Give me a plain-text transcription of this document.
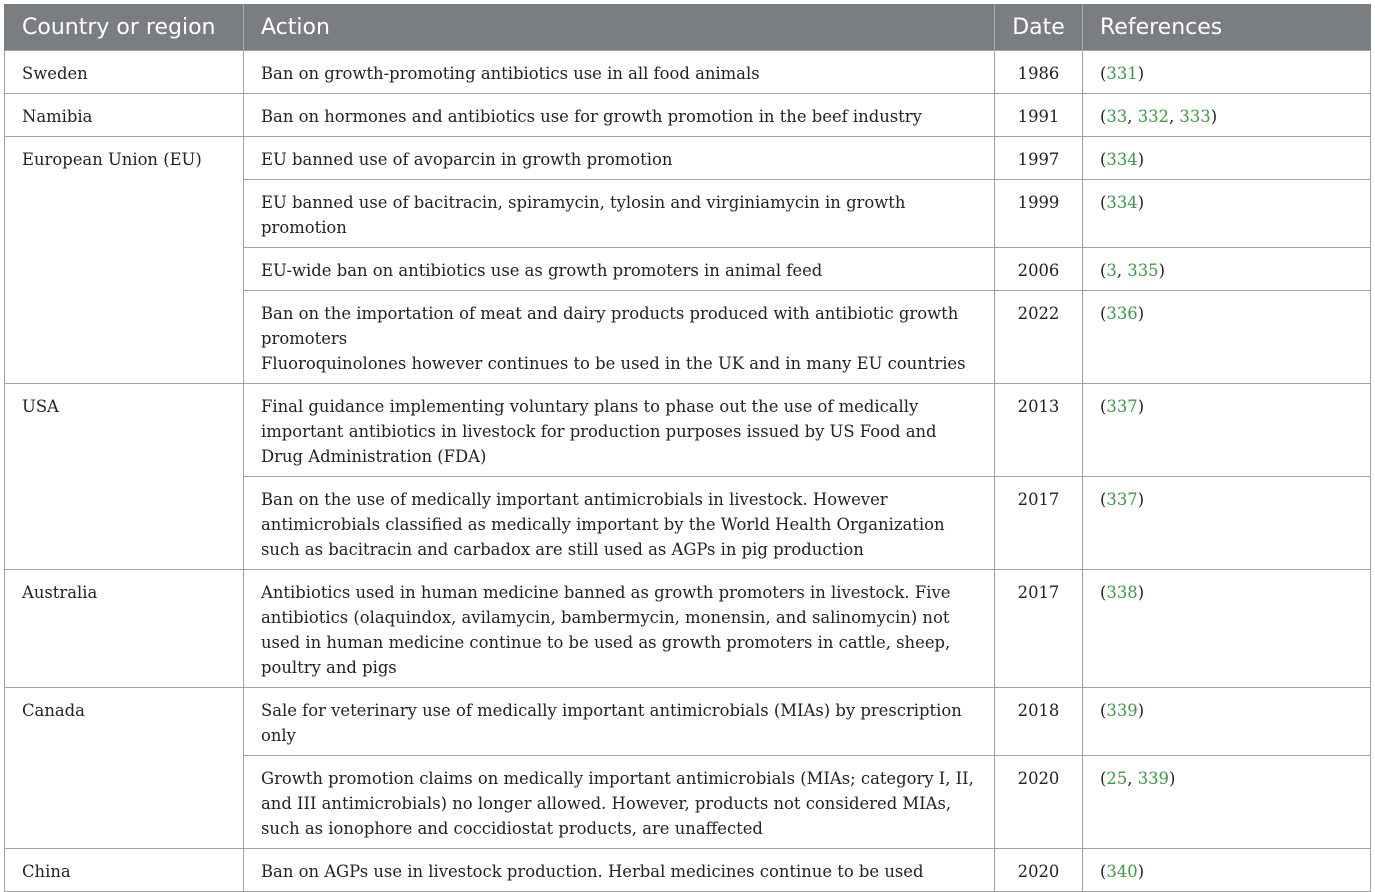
Country or region	Action	Date	References
Sweden	Ban on growth-promoting antibiotics use in all food animals	1986	(331)
Namibia	Ban on hormones and antibiotics use for growth promotion in the beef industry	1991	(33, 332, 333)
European Union (EU)	EU banned use of avoparcin in growth promotion	1997	(334)

	EU banned use of bacitracin, spiramycin, tylosin and virginiamycin in growth promotion	1999	(334)

	EU-wide ban on antibiotics use as growth promoters in animal feed	2006	(3, 335)

	Ban on the importation of meat and dairy products produced with antibiotic growth promoters
Fluoroquinolones however continues to be used in the UK and in many EU countries	2022	(336)
USA	Final guidance implementing voluntary plans to phase out the use of medically important antibiotics in livestock for production purposes issued by US Food and Drug Administration (FDA)	2013	(337)

	Ban on the use of medically important antimicrobials in livestock. However antimicrobials classified as medically important by the World Health Organization such as bacitracin and carbadox are still used as AGPs in pig production	2017	(337)
Australia	Antibiotics used in human medicine banned as growth promoters in livestock. Five antibiotics (olaquindox, avilamycin, bambermycin, monensin, and salinomycin) not used in human medicine continue to be used as growth promoters in cattle, sheep, poultry and pigs	2017	(338)
Canada	Sale for veterinary use of medically important antimicrobials (MIAs) by prescription only	2018	(339)

	Growth promotion claims on medically important antimicrobials (MIAs; category I, II, and III antimicrobials) no longer allowed. However, products not considered MIAs, such as ionophore and coccidiostat products, are unaffected	2020	(25, 339)
China	Ban on AGPs use in livestock production. Herbal medicines continue to be used	2020	(340)
